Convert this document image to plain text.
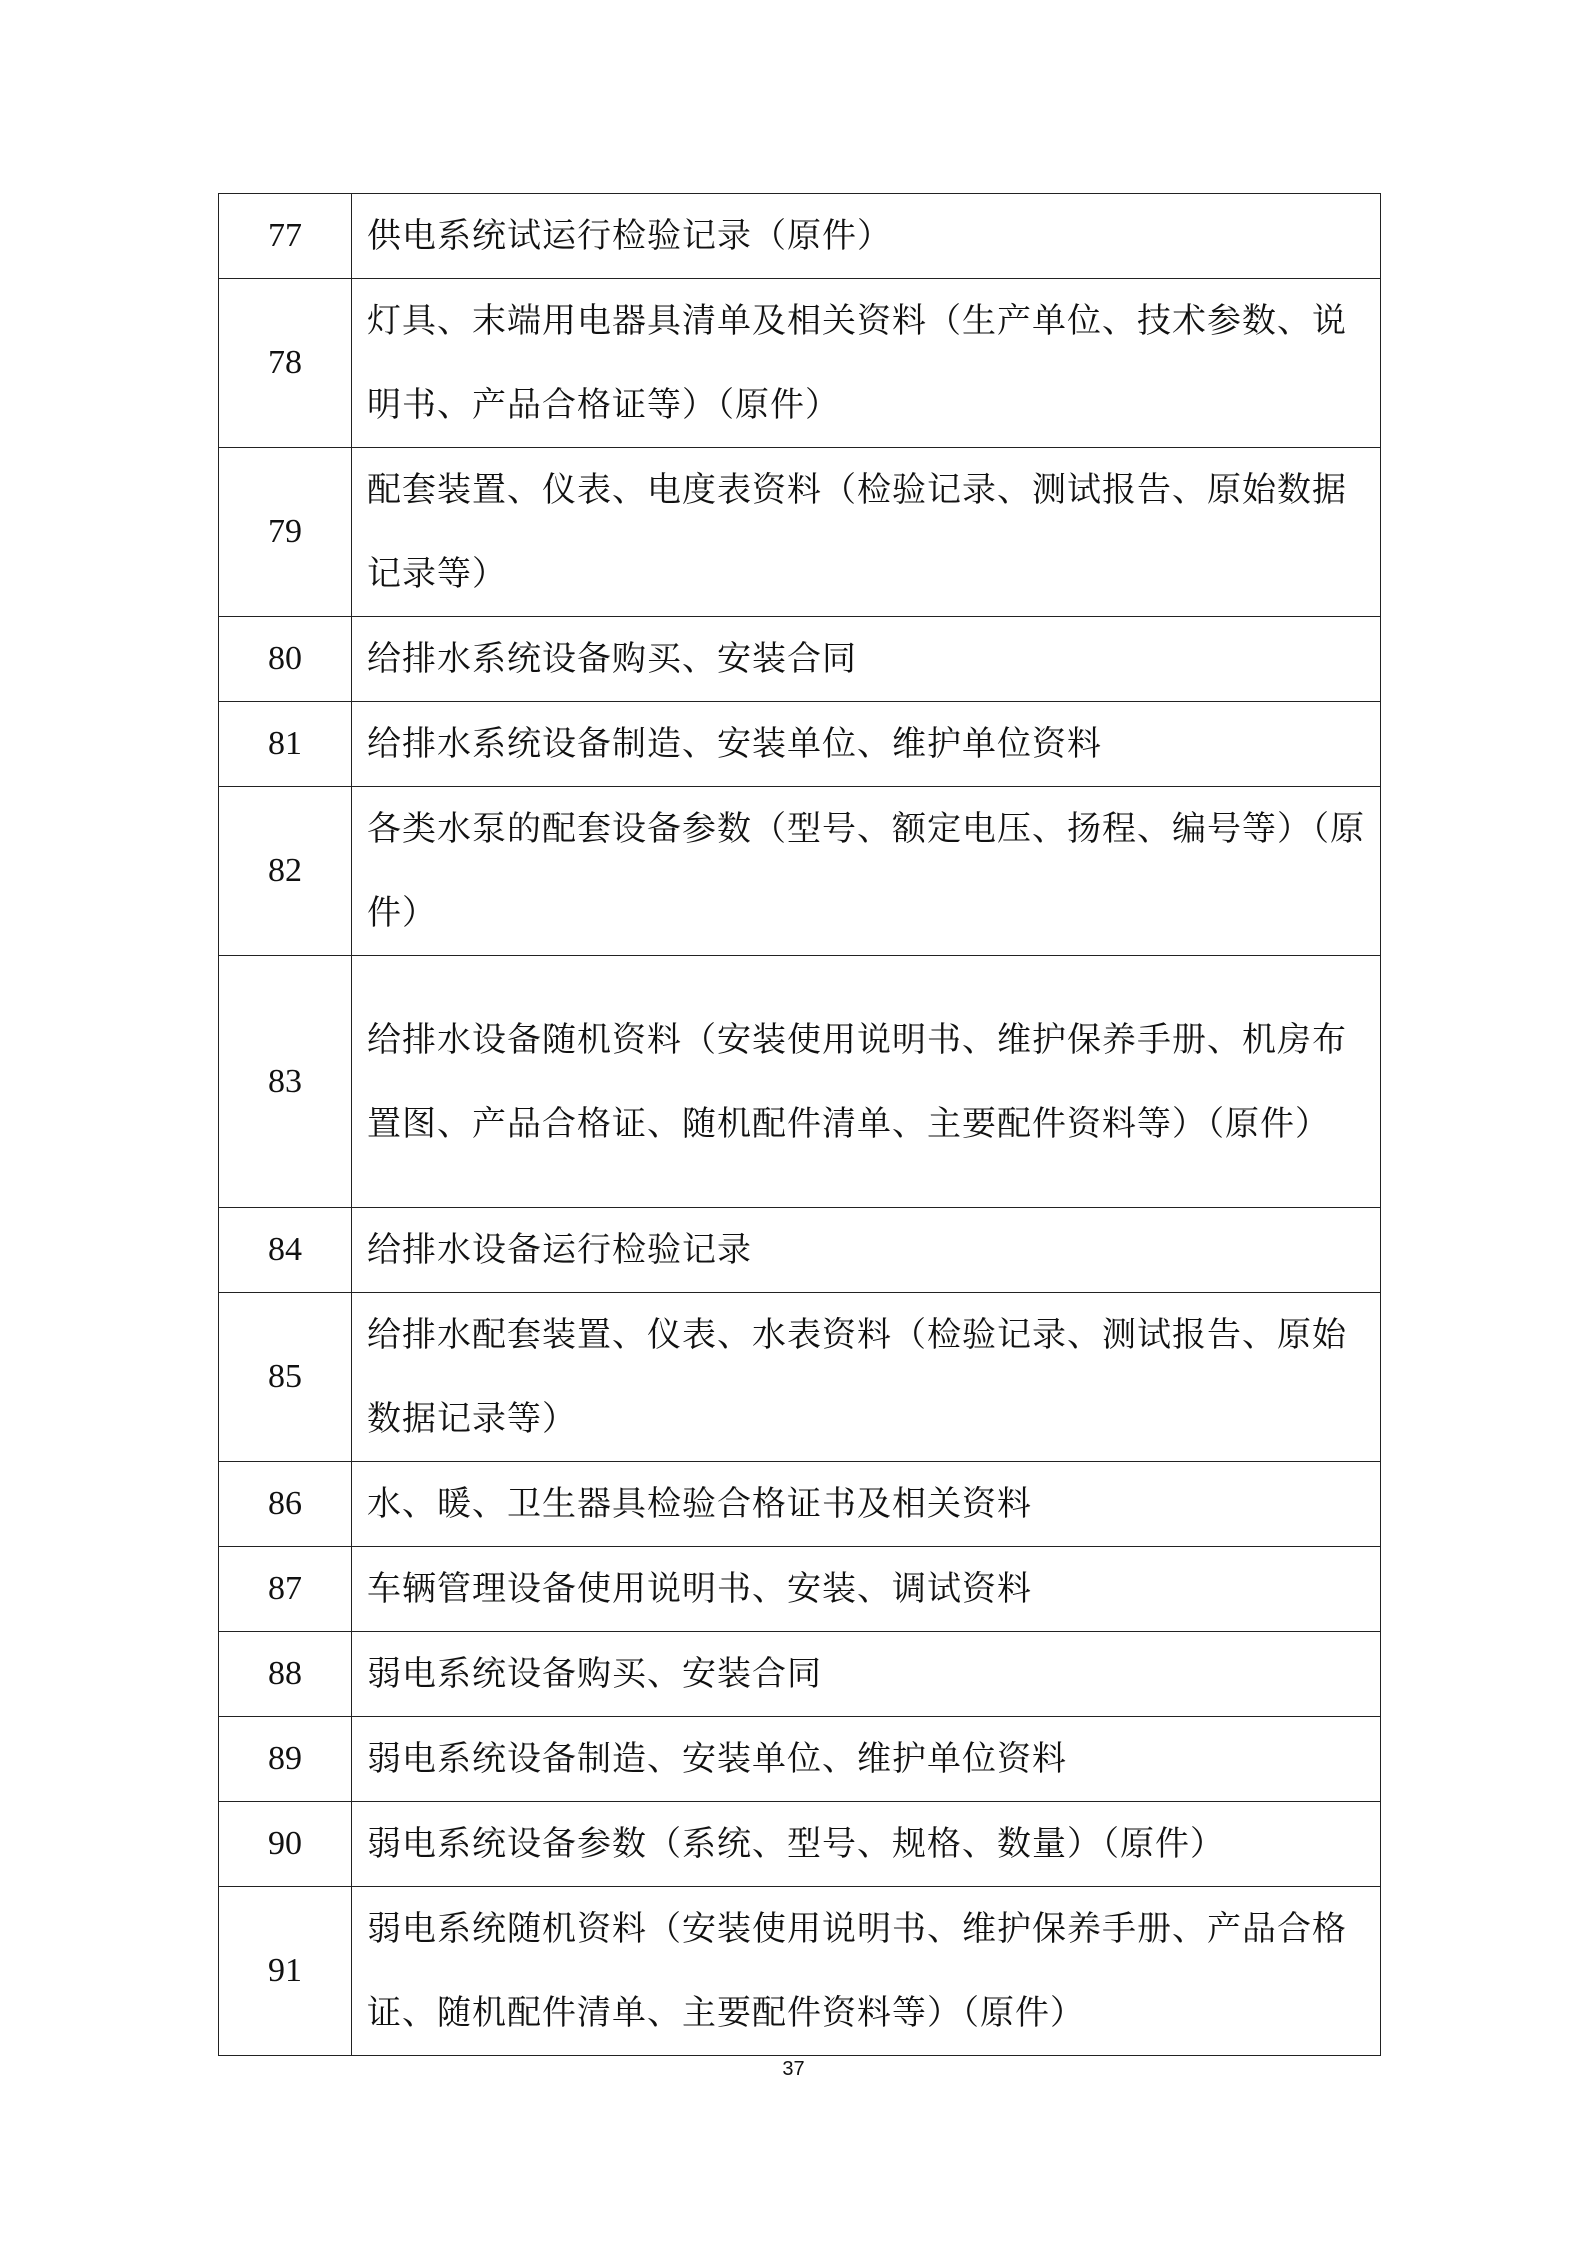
77	供电系统试运行检验记录（原件）
78	灯具、末端用电器具清单及相关资料（生产单位、技术参数、说明书、产品合格证等）（原件）
79	配套装置、仪表、电度表资料（检验记录、测试报告、原始数据记录等）
80	给排水系统设备购买、安装合同
81	给排水系统设备制造、安装单位、维护单位资料
82	各类水泵的配套设备参数（型号、额定电压、扬程、编号等）（原件）
83	给排水设备随机资料（安装使用说明书、维护保养手册、机房布置图、产品合格证、随机配件清单、主要配件资料等）（原件）
84	给排水设备运行检验记录
85	给排水配套装置、仪表、水表资料（检验记录、测试报告、原始数据记录等）
86	水、暖、卫生器具检验合格证书及相关资料
87	车辆管理设备使用说明书、安装、调试资料
88	弱电系统设备购买、安装合同
89	弱电系统设备制造、安装单位、维护单位资料
90	弱电系统设备参数（系统、型号、规格、数量）（原件）
91	弱电系统随机资料（安装使用说明书、维护保养手册、产品合格证、随机配件清单、主要配件资料等）（原件）
37
